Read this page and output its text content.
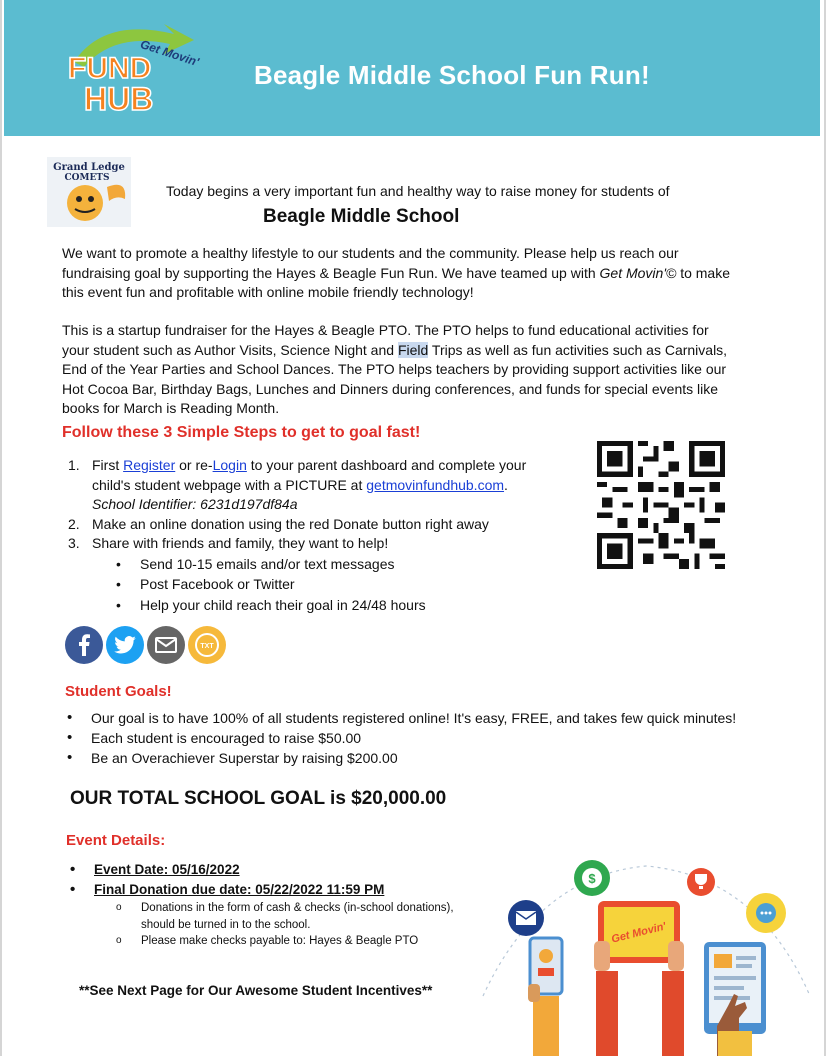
Get Movin'
FUND
HUB
Beagle Middle School Fun Run!
Grand Ledge
COMETS
Today begins a very important fun and healthy way to raise money for students of
Beagle Middle School

We want to promote a healthy lifestyle to our students and the community. Please help us reach our fundraising goal by supporting the Hayes & Beagle Fun Run. We have teamed up with Get Movin'© to make this event fun and profitable with online mobile friendly technology!

This is a startup fundraiser for the Hayes & Beagle PTO. The PTO helps to fund educational activities for your student such as Author Visits, Science Night and Field Trips as well as fun activities such as Carnivals, End of the Year Parties and School Dances. The PTO helps teachers by providing support activities like our Hot Cocoa Bar, Birthday Bags, Lunches and Dinners during conferences, and funds for special events like books for March is Reading Month.

Follow these 3 Simple Steps to get to goal fast!
1. First Register or re-Login to your parent dashboard and complete your child's student webpage with a PICTURE at getmovinfundhub.com.
School Identifier: 6231d197df84a
2. Make an online donation using the red Donate button right away
3. Share with friends and family, they want to help!
• Send 10-15 emails and/or text messages
• Post Facebook or Twitter
• Help your child reach their goal in 24/48 hours
TXT
Student Goals!
• Our goal is to have 100% of all students registered online! It's easy, FREE, and takes few quick minutes!
• Each student is encouraged to raise $50.00
• Be an Overachiever Superstar by raising $200.00
OUR TOTAL SCHOOL GOAL is $20,000.00
Event Details:
• Event Date: 05/16/2022
• Final Donation due date: 05/22/2022 11:59 PM
o Donations in the form of cash & checks (in-school donations), should be turned in to the school.
o Please make checks payable to: Hayes & Beagle PTO
**See Next Page for Our Awesome Student Incentives**
$
Get Movin'
